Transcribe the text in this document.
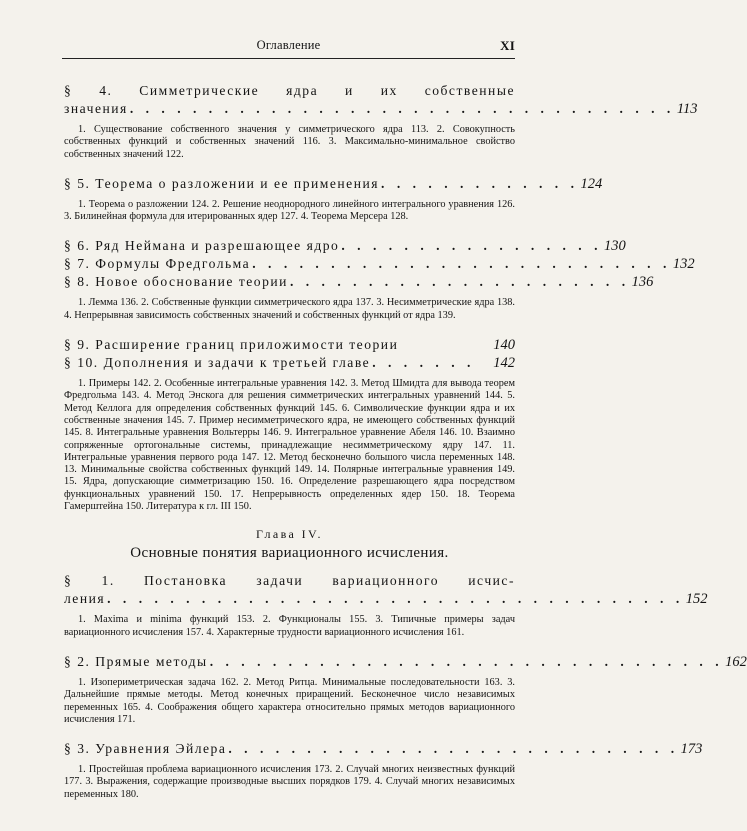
Оглавление	XI
§ 4. Симметрические ядра и их собственные
значения . . . . . . . . . . . . . . . . . . . . . . . . . . . . . . . . . . . 113
1. Существование собственного значения у симметрического ядра 113. 2. Совокупность собственных функций и собственных значений 116. 3. Максимально-минимальное свойство собственных значений 122.
§ 5. Теорема о разложении и ее применения . . . . . . . . . . . . . 124
1. Теорема о разложении 124. 2. Решение неоднородного линейного интегрального уравнения 126. 3. Билинейная формула для итерированных ядер 127. 4. Теорема Мерсера 128.
§ 6. Ряд Неймана и разрешающее ядро . . . . . . . . . . . . . . . . . 130
§ 7. Формулы Фредгольма . . . . . . . . . . . . . . . . . . . . . . . . . . . 132
§ 8. Новое обоснование теории . . . . . . . . . . . . . . . . . . . . . . 136
1. Лемма 136. 2. Собственные функции симметрического ядра 137. 3. Несимметрические ядра 138. 4. Непрерывная зависимость собственных значений и собственных функций от ядра 139.
§ 9. Расширение границ приложимости теории	140
§ 10. Дополнения и задачи к третьей главе . . . . . . .	142
1. Примеры 142. 2. Особенные интегральные уравнения 142. 3. Метод Шмидта для вывода теорем Фредгольма 143. 4. Метод Энскога для решения симметрических интегральных уравнений 144. 5. Метод Келлога для определения собственных функций 145. 6. Символические функции ядра и их собственные значения 145. 7. Пример несимметрического ядра, не имеющего собственных функций 145. 8. Интегральные уравнения Вольтерры 146. 9. Интегральное уравнение Абеля 146. 10. Взаимно сопряженные ортогональные системы, принадлежащие несимметрическому ядру 147. 11. Интегральные уравнения первого рода 147. 12. Метод бесконечно большого числа переменных 148. 13. Минимальные свойства собственных функций 149. 14. Полярные интегральные уравнения 149. 15. Ядра, допускающие симметризацию 150. 16. Определение разрешающего ядра посредством функциональных уравнений 150. 17. Непрерывность определенных ядер 150. 18. Теорема Гамерштейна 150. Литература к гл. III 150.
Глава IV.
Основные понятия вариационного исчисления.
§ 1. Постановка задачи вариационного исчис-
ления . . . . . . . . . . . . . . . . . . . . . . . . . . . . . . . . . . . . . 152
1. Maxima и minima функций 153. 2. Функционалы 155. 3. Типичные примеры задач вариационного исчисления 157. 4. Характерные трудности вариационного исчисления 161.
§ 2. Прямые методы . . . . . . . . . . . . . . . . . . . . . . . . . . . . . . . . . 162
1. Изопериметрическая задача 162. 2. Метод Ритца. Минимальные последовательности 163. 3. Дальнейшие прямые методы. Метод конечных приращений. Бесконечное число независимых переменных 165. 4. Соображения общего характера относительно прямых методов вариационного исчисления 171.
§ 3. Уравнения Эйлера . . . . . . . . . . . . . . . . . . . . . . . . . . . . . 173
1. Простейшая проблема вариационного исчисления 173. 2. Случай многих неизвестных функций 177. 3. Выражения, содержащие производные высших порядков 179. 4. Случай многих независимых переменных 180.
